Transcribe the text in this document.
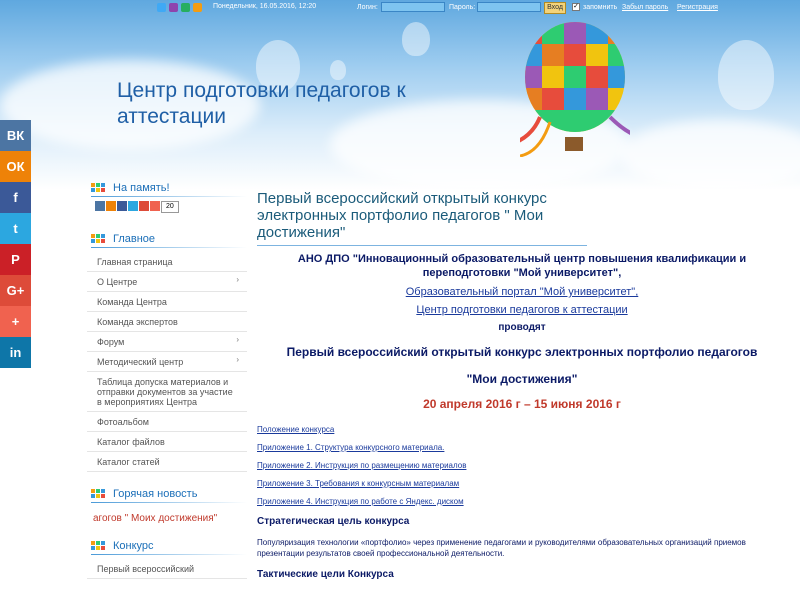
Центр подготовки педагогов к аттестации
Понедельник, 16.05.2016, 12:20	Логин:	Пароль:	Вход	✓ запомнить Забыл пароль Регистрация
ВК
ОК
f
t
P
G+
+
in
На память!
20
Главное
Главная страница
О Центре	›
Команда Центра
Команда экспертов
Форум	›
Методический центр	›
Таблица допуска материалов и отправки документов за участие в мероприятиях Центра
Фотоальбом
Каталог файлов
Каталог статей
Горячая новость
агогов " Моих достижения"
Конкурс
Первый всероссийский
Первый всероссийский открытый конкурс электронных портфолио педагогов " Мои достижения"
АНО ДПО "Инновационный образовательный центр повышения квалификации и переподготовки "Мой университет",
Образовательный портал "Мой университет",
Центр подготовки педагогов к аттестации
проводят
Первый всероссийский открытый конкурс электронных портфолио педагогов
"Мои достижения"
20 апреля 2016 г – 15 июня 2016 г
Положение конкурса
Приложение 1. Структура конкурсного материала.
Приложение 2. Инструкция по размещению материалов
Приложение 3. Требования к конкурсным материалам
Приложение 4. Инструкция по работе с Яндекс. диском
Стратегическая цель конкурса
Популяризация технологии «портфолио» через применение педагогами и руководителями образовательных организаций приемов презентации результатов своей профессиональной деятельности.
Тактические цели Конкурса
